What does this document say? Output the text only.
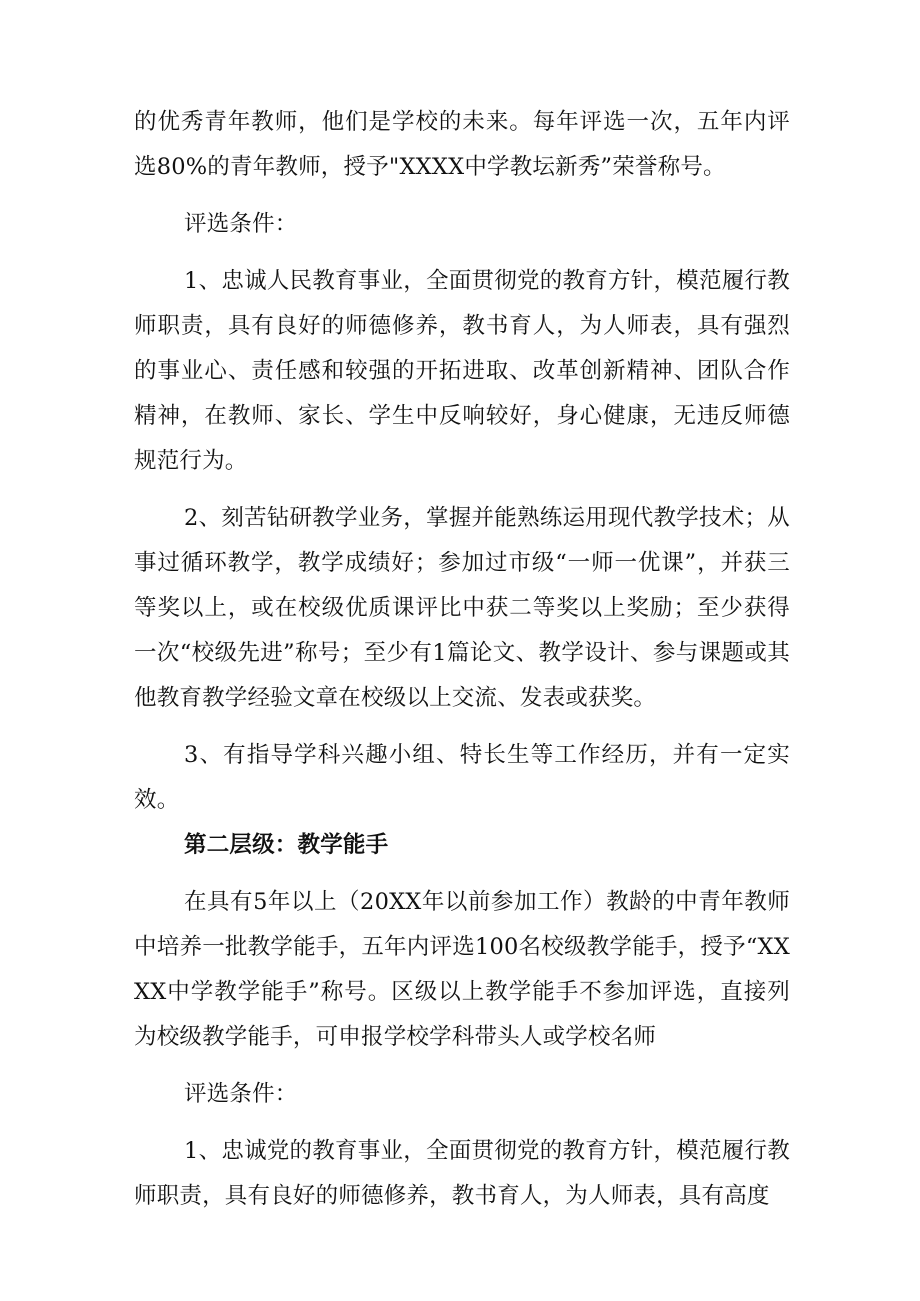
的优秀青年教师，他们是学校的未来。每年评选一次，五年内评选80%的青年教师，授予"XXXX中学教坛新秀”荣誉称号。

评选条件：

1、忠诚人民教育事业，全面贯彻党的教育方针，模范履行教师职责，具有良好的师德修养，教书育人，为人师表，具有强烈的事业心、责任感和较强的开拓进取、改革创新精神、团队合作精神，在教师、家长、学生中反响较好，身心健康，无违反师德规范行为。

2、刻苦钻研教学业务，掌握并能熟练运用现代教学技术；从事过循环教学，教学成绩好；参加过市级“一师一优课”，并获三等奖以上，或在校级优质课评比中获二等奖以上奖励；至少获得一次“校级先进”称号；至少有1篇论文、教学设计、参与课题或其他教育教学经验文章在校级以上交流、发表或获奖。

3、有指导学科兴趣小组、特长生等工作经历，并有一定实效。

第二层级：教学能手

在具有5年以上（20XX年以前参加工作）教龄的中青年教师中培养一批教学能手，五年内评选100名校级教学能手，授予“XXXX中学教学能手”称号。区级以上教学能手不参加评选，直接列为校级教学能手，可申报学校学科带头人或学校名师

评选条件：

1、忠诚党的教育事业，全面贯彻党的教育方针，模范履行教师职责，具有良好的师德修养，教书育人，为人师表，具有高度
